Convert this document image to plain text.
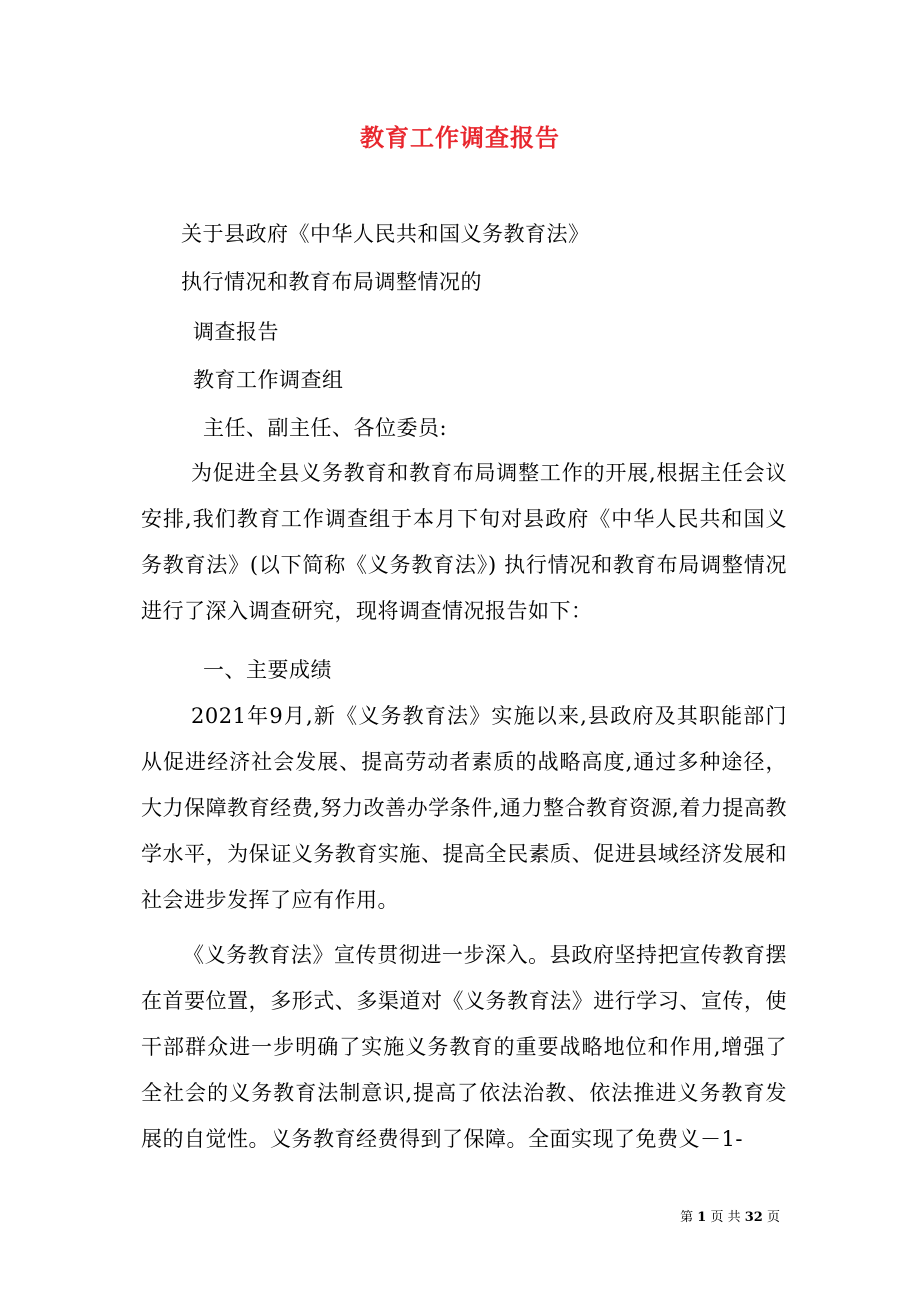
教育工作调查报告
关于县政府《中华人民共和国义务教育法》
执行情况和教育布局调整情况的
调查报告
教育工作调查组
主任、副主任、各位委员:

为促进全县义务教育和教育布局调整工作的开展,根据主任会议安排,我们教育工作调查组于本月下旬对县政府《中华人民共和国义务教育法》(以下简称《义务教育法》) 执行情况和教育布局调整情况进行了深入调查研究，现将调查情况报告如下：

一、主要成绩

2021年9月,新《义务教育法》实施以来,县政府及其职能部门从促进经济社会发展、提高劳动者素质的战略高度,通过多种途径，大力保障教育经费,努力改善办学条件,通力整合教育资源,着力提高教学水平，为保证义务教育实施、提高全民素质、促进县域经济发展和社会进步发挥了应有作用。

《义务教育法》宣传贯彻进一步深入。县政府坚持把宣传教育摆在首要位置，多形式、多渠道对《义务教育法》进行学习、宣传，使干部群众进一步明确了实施义务教育的重要战略地位和作用,增强了全社会的义务教育法制意识,提高了依法治教、依法推进义务教育发展的自觉性。义务教育经费得到了保障。全面实现了免费义－1-

第 1 页 共 32 页
